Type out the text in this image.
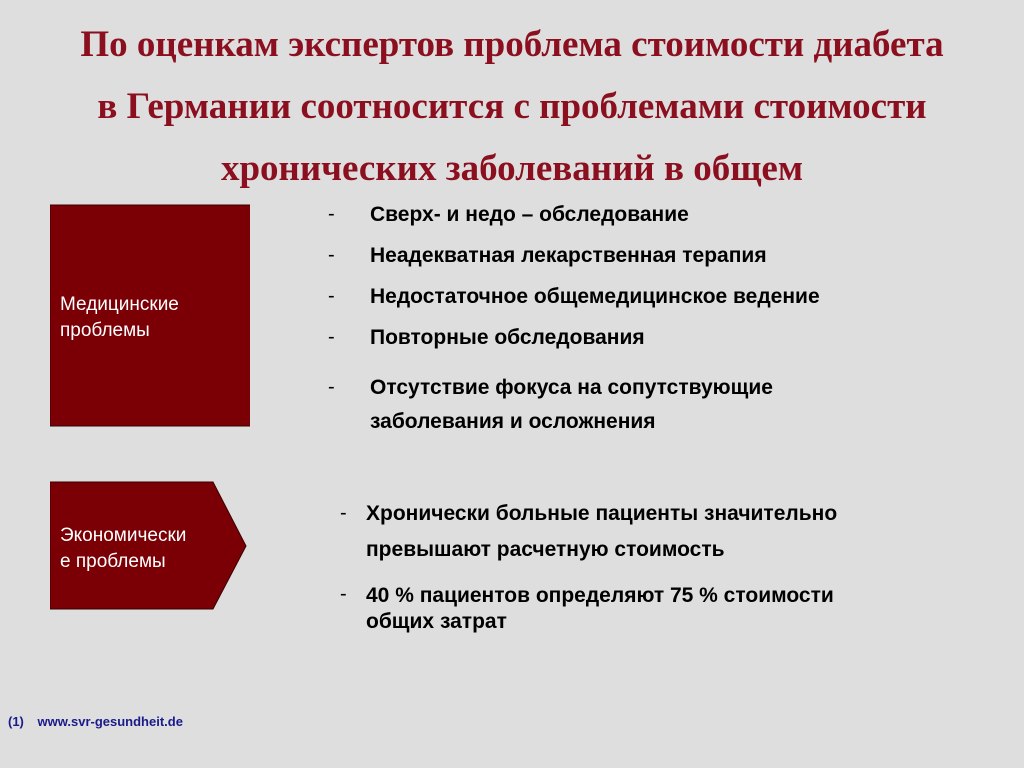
По оценкам экспертов проблема стоимости диабета
в Германии соотносится с проблемами стоимости
хронических заболеваний в общем
Медицинские
проблемы
Экономически
е проблемы
- Сверх- и недо – обследование
- Неадекватная лекарственная терапия
- Недостаточное общемедицинское ведение
- Повторные обследования
- Отсутствие фокуса на сопутствующие
заболевания и осложнения
- Хронически больные пациенты значительно
превышают расчетную стоимость
- 40 % пациентов определяют 75 % стоимости
общих затрат
(1) www.svr-gesundheit.de
